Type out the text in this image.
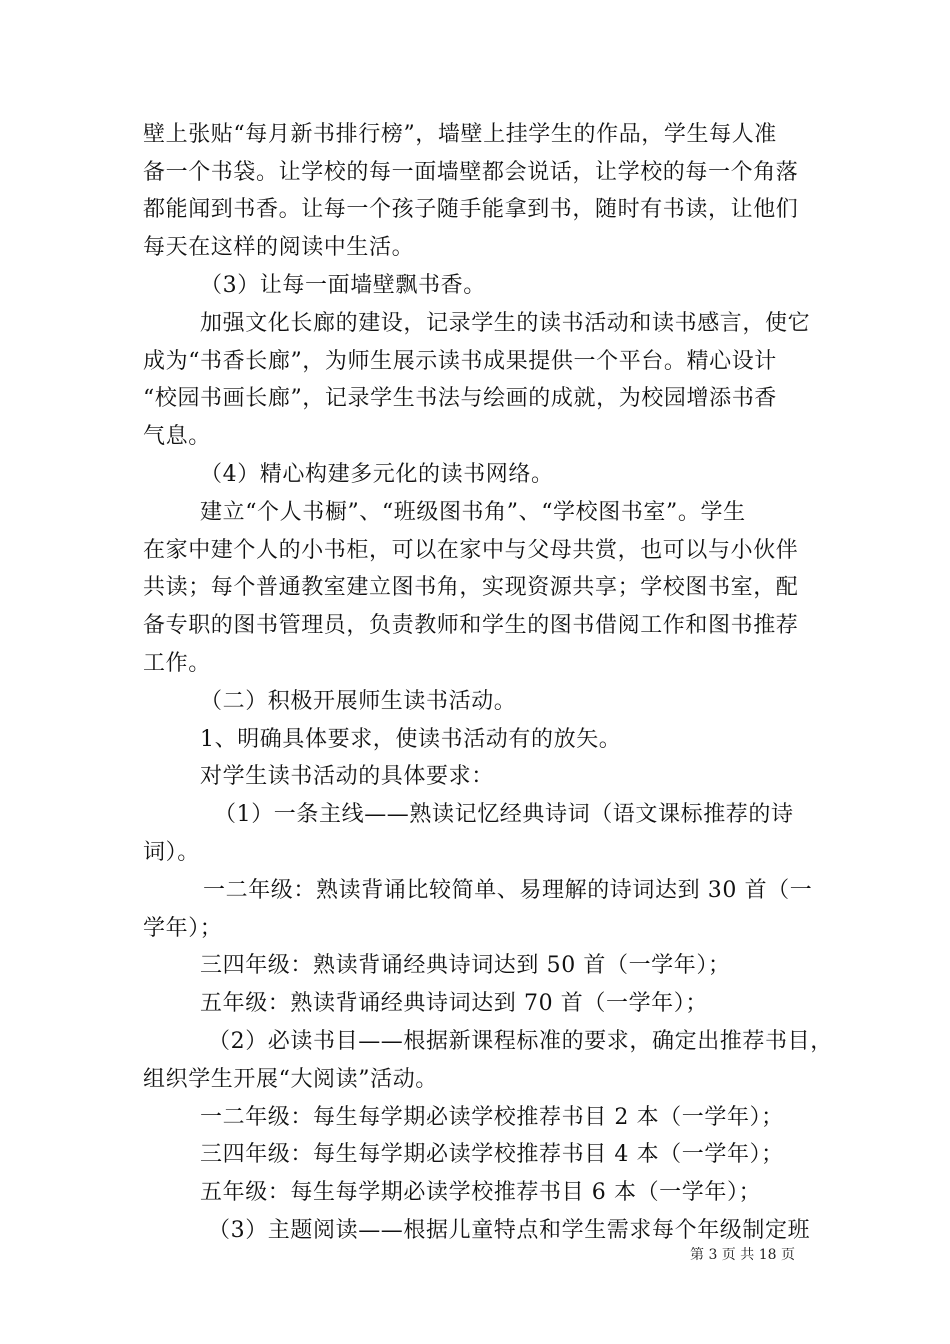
壁上张贴“每月新书排行榜”，墙壁上挂学生的作品，学生每人准
备一个书袋。让学校的每一面墙壁都会说话，让学校的每一个角落
都能闻到书香。让每一个孩子随手能拿到书，随时有书读，让他们
每天在这样的阅读中生活。
（3）让每一面墙壁飘书香。
加强文化长廊的建设，记录学生的读书活动和读书感言，使它
成为“书香长廊”，为师生展示读书成果提供一个平台。精心设计
“校园书画长廊”，记录学生书法与绘画的成就，为校园增添书香
气息。
（4）精心构建多元化的读书网络。
建立“个人书橱”、“班级图书角”、“学校图书室”。学生
在家中建个人的小书柜，可以在家中与父母共赏，也可以与小伙伴
共读；每个普通教室建立图书角，实现资源共享；学校图书室，配
备专职的图书管理员，负责教师和学生的图书借阅工作和图书推荐
工作。
（二）积极开展师生读书活动。
1、明确具体要求，使读书活动有的放矢。
对学生读书活动的具体要求：
（1）一条主线——熟读记忆经典诗词（语文课标推荐的诗
词）。
一二年级：熟读背诵比较简单、易理解的诗词达到 30 首（一
学年）；
三四年级：熟读背诵经典诗词达到 50 首（一学年）；
五年级：熟读背诵经典诗词达到 70 首（一学年）；
（2）必读书目——根据新课程标准的要求，确定出推荐书目，
组织学生开展“大阅读”活动。
一二年级：每生每学期必读学校推荐书目 2 本（一学年）；
三四年级：每生每学期必读学校推荐书目 4 本（一学年）；
五年级：每生每学期必读学校推荐书目 6 本（一学年）；
（3）主题阅读——根据儿童特点和学生需求每个年级制定班
第 3 页 共 18 页
